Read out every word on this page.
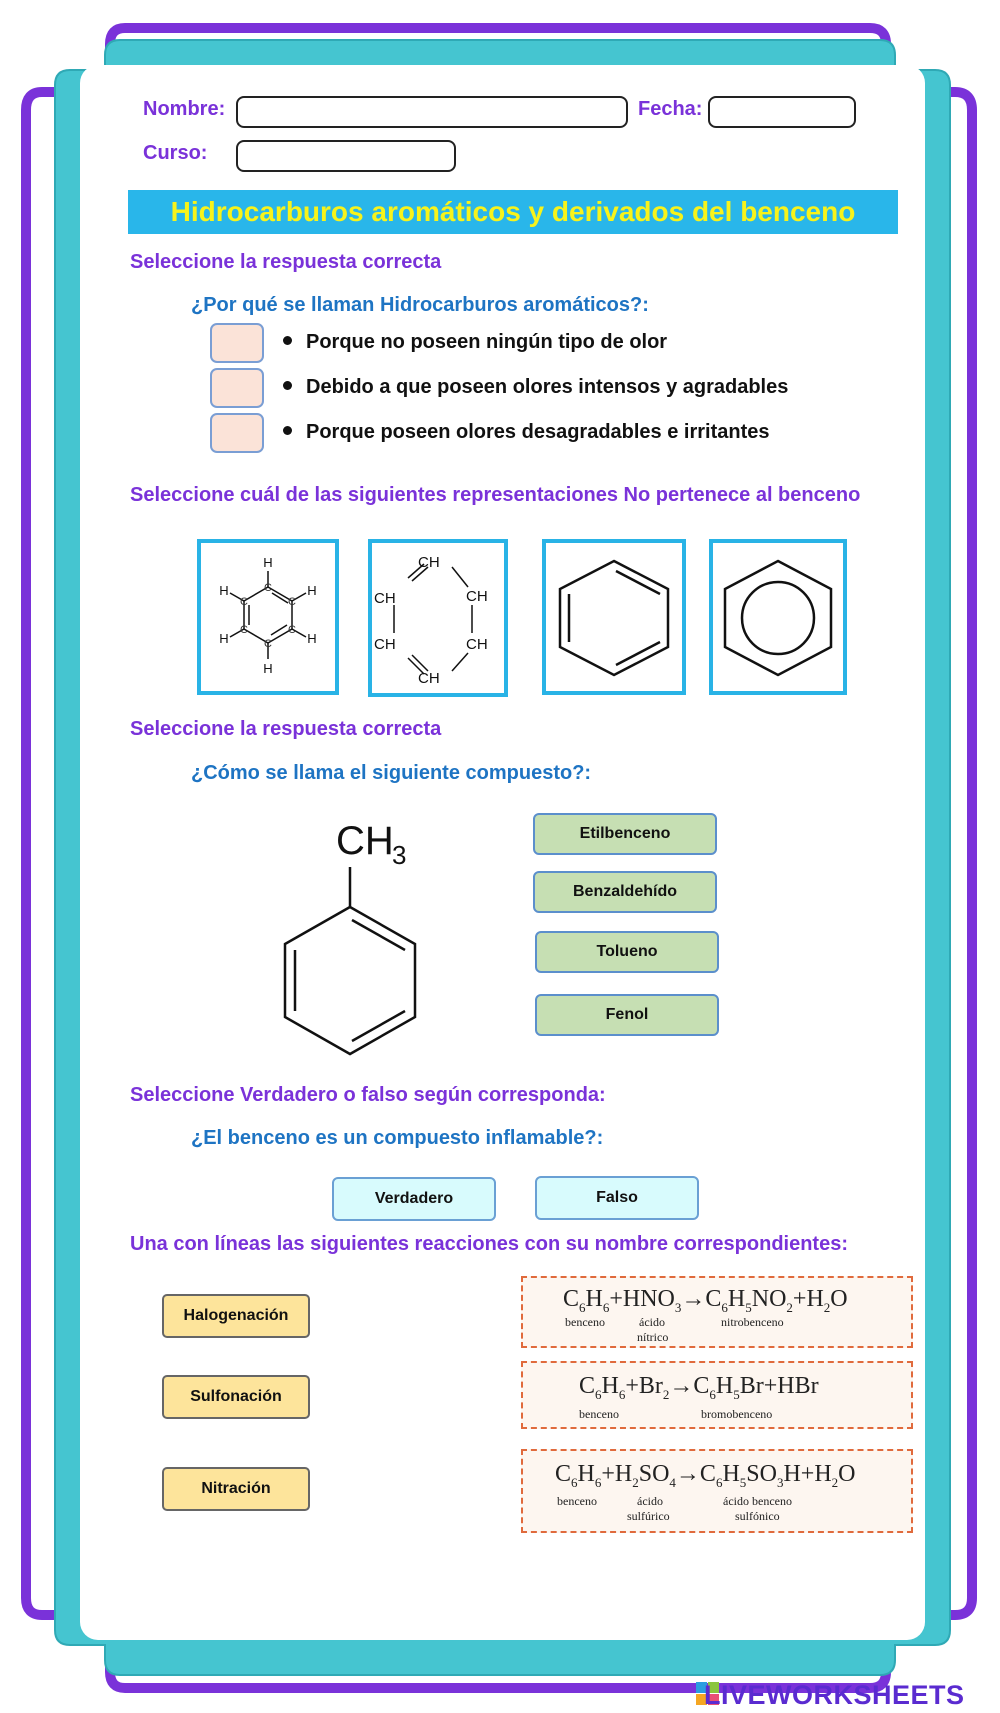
Nombre:	Fecha:
Curso:
Hidrocarburos aromáticos y derivados del benceno
Seleccione la respuesta correcta
¿Por qué se llaman Hidrocarburos aromáticos?:
Porque no poseen ningún tipo de olor
Debido a que poseen olores intensos y agradables
Porque poseen olores desagradables e irritantes
Seleccione cuál de las siguientes representaciones No pertenece al benceno
H
H
H
H
H
H	C
C
C
C
C
C
CH
CH	CH
CH	CH
CH
Seleccione la respuesta correcta
¿Cómo se llama el siguiente compuesto?:
CH
3
Etilbenceno
Benzaldehído
Tolueno
Fenol
Seleccione Verdadero o falso según corresponda:
¿El benceno es un compuesto inflamable?:
Verdadero	Falso
Una con líneas las siguientes reacciones con su nombre correspondientes:
Halogenación
Sulfonación
Nitración
$C_6H_6+HNO_3\to C_6H_5NO_2+H_2O$
benceno	ácido
nítrico
nitrobenceno
$C_6H_6+Br_2\to C_6H_5Br+HBr$
benceno	bromobenceno
$C_6H_6+H_2SO_4\to C_6H_5SO_3H+H_2O$
benceno	ácido
sulfúrico
ácido benceno
sulfónico
LIVEWORKSHEETS
